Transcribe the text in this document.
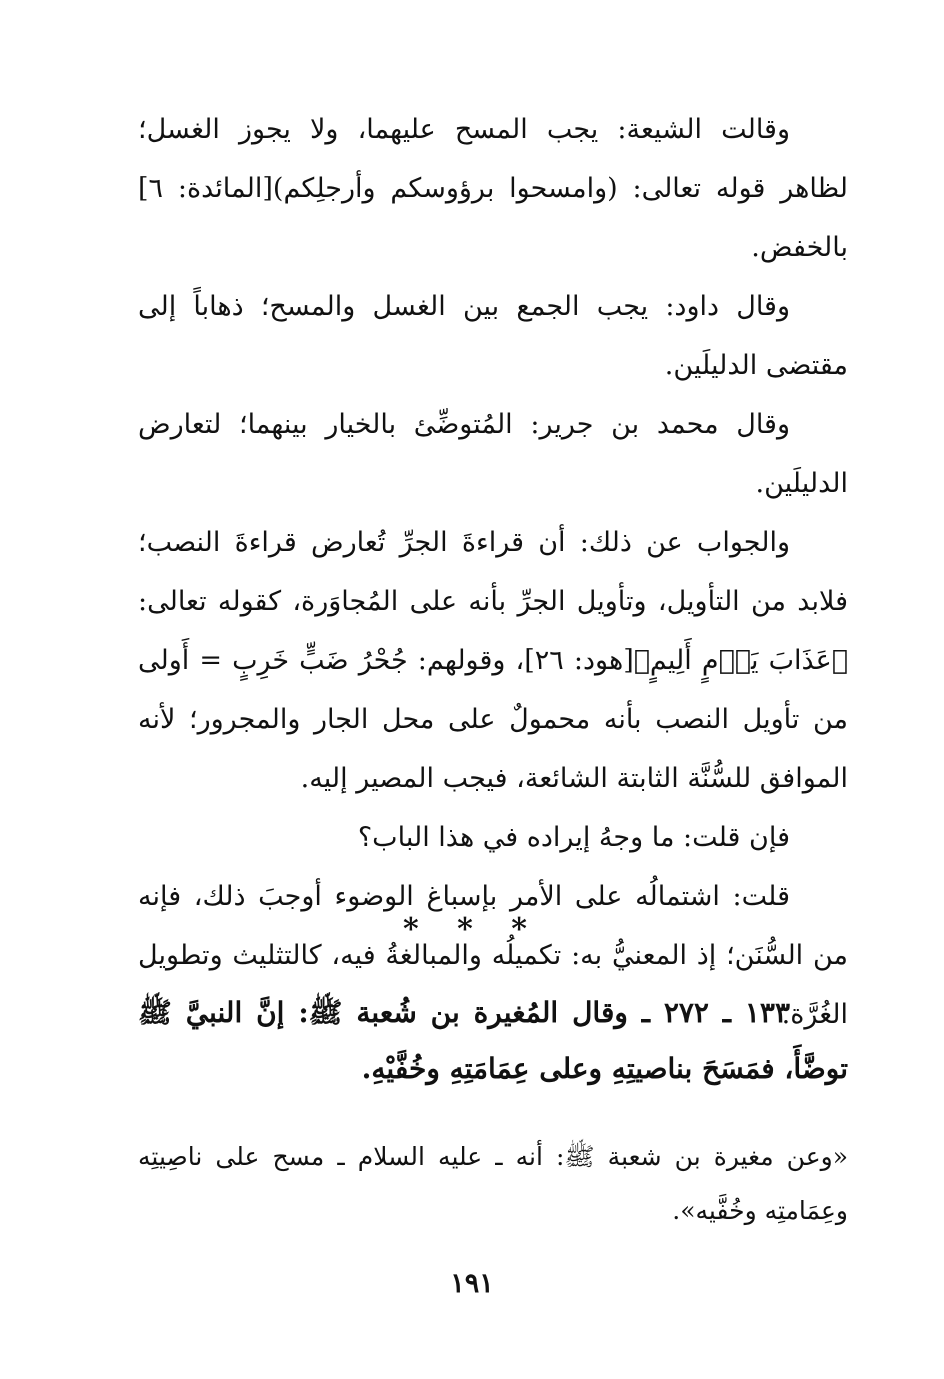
وقالت الشيعة: يجب المسح عليهما، ولا يجوز الغسل؛ لظاهر قوله تعالى: (وامسحوا برؤوسكم وأرجلِكم)[المائدة: ٦] بالخفض.

وقال داود: يجب الجمع بين الغسل والمسح؛ ذهاباً إلى مقتضى الدليلَين.

وقال محمد بن جرير: المُتوضِّئ بالخيار بينهما؛ لتعارض الدليلَين.

والجواب عن ذلك: أن قراءةَ الجرِّ تُعارض قراءةَ النصب؛ فلابد من التأويل، وتأويل الجرِّ بأنه على المُجاوَرة، كقوله تعالى: ﴿عَذَابَ يَوۡمٍ أَلِيمٍ﴾[هود: ٢٦]، وقولهم: جُحْرُ ضَبٍّ خَرِبٍ = أَولى من تأويل النصب بأنه محمولٌ على محل الجار والمجرور؛ لأنه الموافق للسُّنَّة الثابتة الشائعة، فيجب المصير إليه.

فإن قلت: ما وجهُ إيراده في هذا الباب؟

قلت: اشتمالُه على الأمر بإسباغ الوضوء أوجبَ ذلك، فإنه من السُّنَن؛ إذ المعنيُّ به: تكميلُه والمبالغةُ فيه، كالتثليث وتطويل الغُرَّة.

* * *

١٣٣ ـ ٢٧٢ ـ وقال المُغيرة بن شُعبة ﷺ: إنَّ النبيَّ ﷺ توضَّأَ، فمَسَحَ بناصيتِهِ وعلى عِمَامَتِهِ وخُفَّيْهِ.

«وعن مغيرة بن شعبة ﷺ: أنه ـ عليه السلام ـ مسح على ناصِيتِه وعِمَامتِه وخُفَّيه».

١٩١
